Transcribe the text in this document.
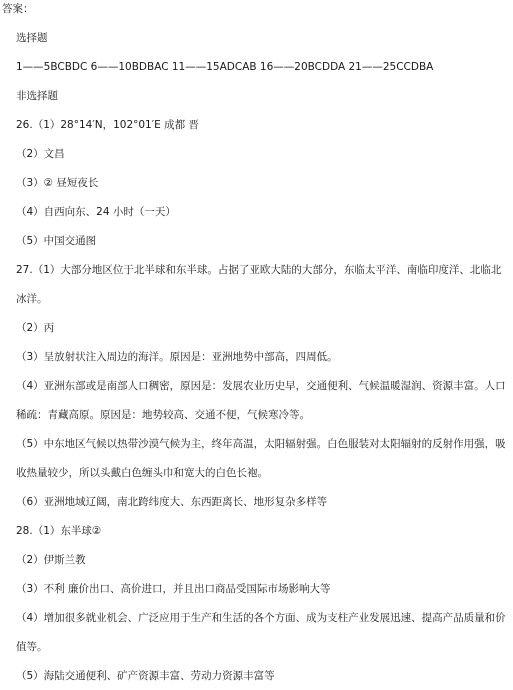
答案：
选择题
1——5BCBDC 6——10BDBAC 11——15ADCAB 16——20BCDDA 21——25CCDBA
非选择题
26.（1）28°14′N，102°01′E 成都 晋
（2）文昌
（3）② 昼短夜长
（4）自西向东、24 小时（一天）
（5）中国交通图
27.（1）大部分地区位于北半球和东半球。占据了亚欧大陆的大部分，东临太平洋、南临印度洋、北临北
冰洋。
（2）丙
（3）呈放射状注入周边的海洋。原因是：亚洲地势中部高，四周低。
（4）亚洲东部或是南部人口稠密，原因是：发展农业历史早，交通便利、气候温暖湿润、资源丰富。人口
稀疏：青藏高原。原因是：地势较高、交通不便，气候寒冷等。
（5）中东地区气候以热带沙漠气候为主，终年高温，太阳辐射强。白色服装对太阳辐射的反射作用强，吸
收热量较少，所以头戴白色缠头巾和宽大的白色长袍。
（6）亚洲地域辽阔，南北跨纬度大、东西距离长、地形复杂多样等
28.（1）东半球②
（2）伊斯兰教
（3）不利 廉价出口、高价进口，并且出口商品受国际市场影响大等
（4）增加很多就业机会、广泛应用于生产和生活的各个方面、成为支柱产业发展迅速、提高产品质量和价
值等。
（5）海陆交通便利、矿产资源丰富、劳动力资源丰富等
